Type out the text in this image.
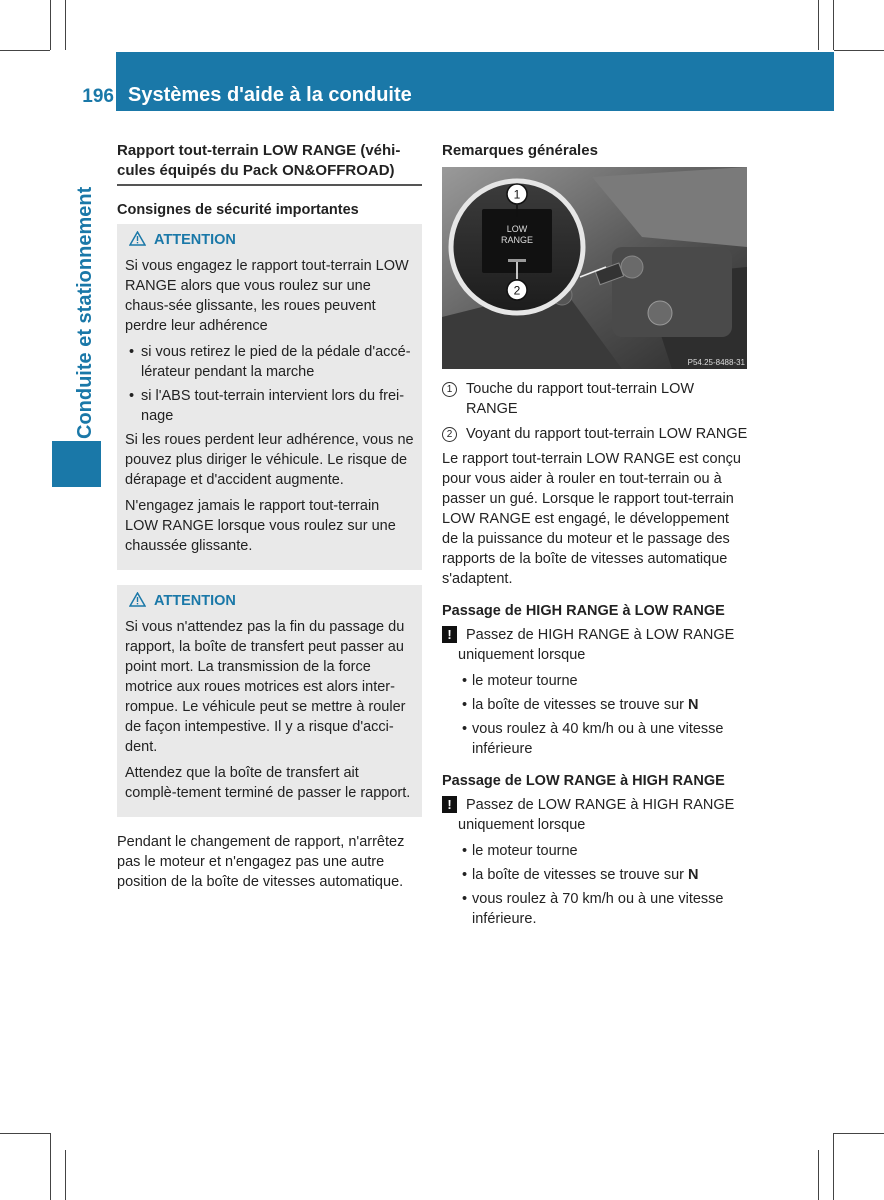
196 Systèmes d'aide à la conduite
Conduite et stationnement
Rapport tout-terrain LOW RANGE (véhi-cules équipés du Pack ON&OFFROAD)
Consignes de sécurité importantes
ATTENTION
Si vous engagez le rapport tout-terrain LOW RANGE alors que vous roulez sur une chaus-sée glissante, les roues peuvent perdre leur adhérence
• si vous retirez le pied de la pédale d'accé-lérateur pendant la marche
• si l'ABS tout-terrain intervient lors du frei-nage
Si les roues perdent leur adhérence, vous ne pouvez plus diriger le véhicule. Le risque de dérapage et d'accident augmente.
N'engagez jamais le rapport tout-terrain LOW RANGE lorsque vous roulez sur une chaussée glissante.
ATTENTION
Si vous n'attendez pas la fin du passage du rapport, la boîte de transfert peut passer au point mort. La transmission de la force motrice aux roues motrices est alors inter-rompue. Le véhicule peut se mettre à rouler de façon intempestive. Il y a risque d'acci-dent.
Attendez que la boîte de transfert ait complè-tement terminé de passer le rapport.
Pendant le changement de rapport, n'arrêtez pas le moteur et n'engagez pas une autre position de la boîte de vitesses automatique.
Remarques générales
LOW
RANGE
1
2
P54.25-8488-31
1 Touche du rapport tout-terrain LOW RANGE
2 Voyant du rapport tout-terrain LOW RANGE
Le rapport tout-terrain LOW RANGE est conçu pour vous aider à rouler en tout-terrain ou à passer un gué. Lorsque le rapport tout-terrain LOW RANGE est engagé, le développement de la puissance du moteur et le passage des rapports de la boîte de vitesses automatique s'adaptent.
Passage de HIGH RANGE à LOW RANGE
! Passez de HIGH RANGE à LOW RANGE uniquement lorsque
• le moteur tourne
• la boîte de vitesses se trouve sur N
• vous roulez à 40 km/h ou à une vitesse inférieure
Passage de LOW RANGE à HIGH RANGE
! Passez de LOW RANGE à HIGH RANGE uniquement lorsque
• le moteur tourne
• la boîte de vitesses se trouve sur N
• vous roulez à 70 km/h ou à une vitesse inférieure.
